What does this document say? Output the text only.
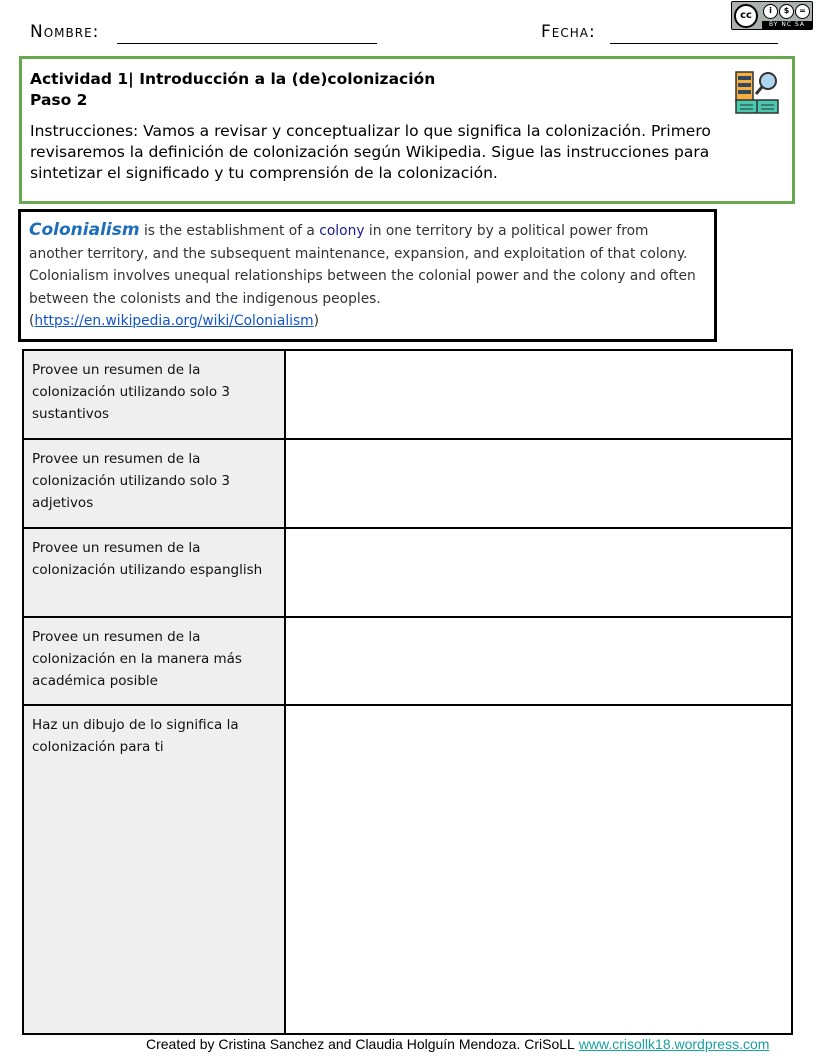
cc	i	$	=
BY NC SA
Nombre:	Fecha:
Actividad 1| Introducción a la (de)colonización
Paso 2
Instrucciones: Vamos a revisar y conceptualizar lo que significa la colonización. Primero revisaremos la definición de colonización según Wikipedia. Sigue las instrucciones para sintetizar el significado y tu comprensión de la colonización.
Colonialism is the establishment of a colony in one territory by a political power from another territory, and the subsequent maintenance, expansion, and exploitation of that colony. Colonialism involves unequal relationships between the colonial power and the colony and often between the colonists and the indigenous peoples.
(https://en.wikipedia.org/wiki/Colonialism)
Provee un resumen de la colonización utilizando solo 3 sustantivos	
Provee un resumen de la colonización utilizando solo 3 adjetivos	
Provee un resumen de la colonización utilizando espanglish	
Provee un resumen de la colonización en la manera más académica posible	
Haz un dibujo de lo significa la colonización para ti	
Created by Cristina Sanchez and Claudia Holguín Mendoza. CriSoLL www.crisollk18.wordpress.com
